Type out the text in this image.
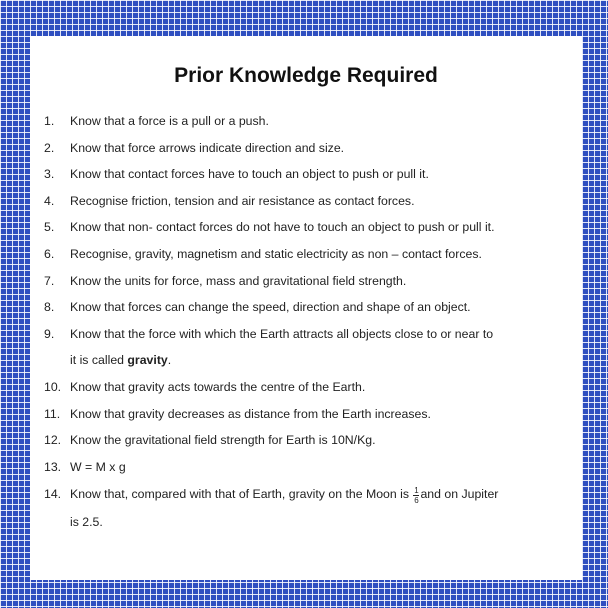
Prior Knowledge Required
1.	Know that a force is a pull or a push.
2.	Know that force arrows indicate direction and size.
3.	Know that contact forces have to touch an object to push or pull it.
4.	Recognise friction, tension and air resistance as contact forces.
5.	Know that non- contact forces do not have to touch an object to push or pull it.
6.	Recognise, gravity, magnetism and static electricity as non – contact forces.
7.	Know the units for force, mass and gravitational field strength.
8.	Know that forces can change the speed, direction and shape of an object.
9.	Know that the force with which the Earth attracts all objects close to or near to
it is called gravity.
10. Know that gravity acts towards the centre of the Earth.
11. Know that gravity decreases as distance from the Earth increases.
12. Know the gravitational field strength for Earth is 10N/Kg.
13. W = M x g
14. Know that, compared with that of Earth, gravity on the Moon is $\frac{1}{6}$ and on Jupiter
is 2.5.
